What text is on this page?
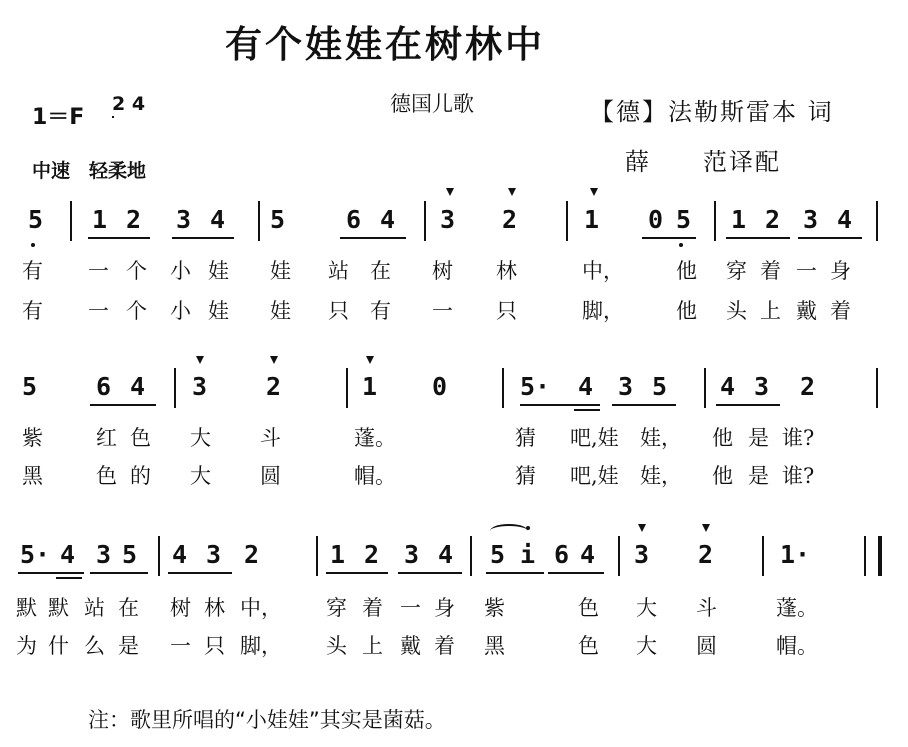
有个娃娃在树林中
1＝F
2 4
中速　轻柔地
德国儿歌	【德】法勒斯雷本 词
薛　　范译配
5 1 2 3 4 5 6 4 3 2	1 0 5 1 2 3 4
有 一 个 小 娃 娃 站 在 树 林	中， 他 穿 着 一 身
有 一 个 小 娃 娃 只 有 一 只	脚， 他 头 上 戴 着
5 6 4 3 2	1 0	5· 4 3 5 4 3 2
紫	红 色 大 斗	蓬。	猜 吧,娃 娃， 他 是 谁?
黑	色 的 大 圆	帽。	猜 吧,娃 娃， 他 是 谁?
5· 4 3 5 4 3 2	1 2 3 4 5 i 6 4 3 2	1·
默 默 站 在 树 林 中， 穿 着 一 身 紫	色 大 斗	蓬。
为 什 么 是 一 只 脚， 头 上 戴 着 黑	色 大 圆	帽。
注：歌里所唱的“小娃娃”其实是菌菇。
